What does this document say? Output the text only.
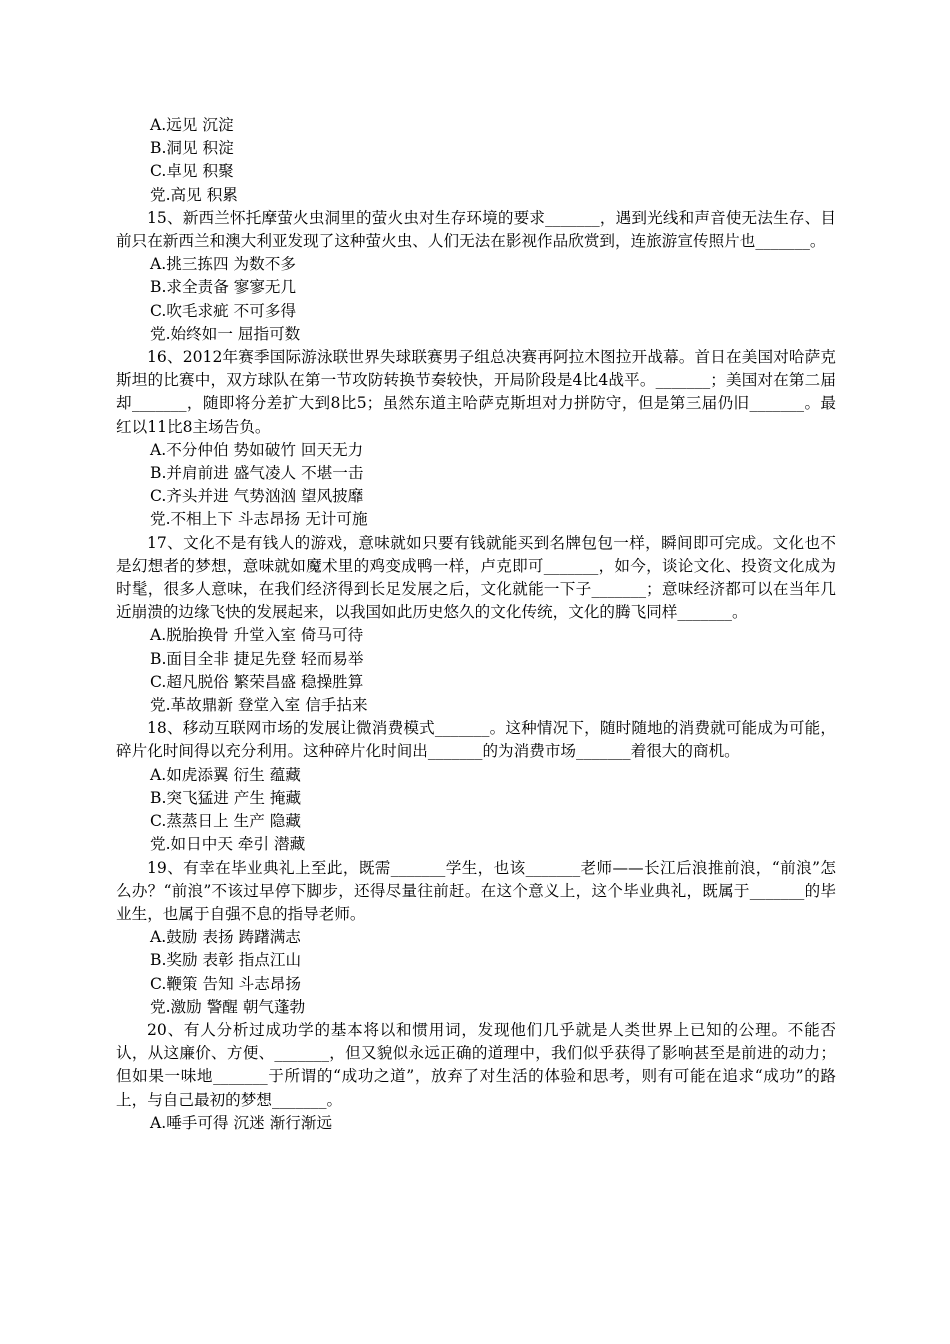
A.远见 沉淀

B.洞见 积淀

C.卓见 积聚

党.高见 积累

15、新西兰怀托摩萤火虫洞里的萤火虫对生存环境的要求_______，遇到光线和声音使无法生存、目前只在新西兰和澳大利亚发现了这种萤火虫、人们无法在影视作品欣赏到，连旅游宣传照片也_______。

A.挑三拣四 为数不多

B.求全责备 寥寥无几

C.吹毛求疵 不可多得

党.始终如一 屈指可数

16、2012年赛季国际游泳联世界失球联赛男子组总决赛再阿拉木图拉开战幕。首日在美国对哈萨克斯坦的比赛中，双方球队在第一节攻防转换节奏较快，开局阶段是4比4战平。_______；美国对在第二届却_______，随即将分差扩大到8比5；虽然东道主哈萨克斯坦对力拼防守，但是第三届仍旧_______。最红以11比8主场告负。

A.不分仲伯 势如破竹 回天无力

B.并肩前进 盛气凌人 不堪一击

C.齐头并进 气势汹汹 望风披靡

党.不相上下 斗志昂扬 无计可施

17、文化不是有钱人的游戏，意味就如只要有钱就能买到名牌包包一样，瞬间即可完成。文化也不是幻想者的梦想，意味就如魔术里的鸡变成鸭一样，卢克即可_______，如今，谈论文化、投资文化成为时髦，很多人意味，在我们经济得到长足发展之后，文化就能一下子_______；意味经济都可以在当年几近崩溃的边缘飞快的发展起来，以我国如此历史悠久的文化传统，文化的腾飞同样_______。

A.脱胎换骨 升堂入室 倚马可待

B.面目全非 捷足先登 轻而易举

C.超凡脱俗 繁荣昌盛 稳操胜算

党.革故鼎新 登堂入室 信手拈来

18、移动互联网市场的发展让微消费模式_______。这种情况下，随时随地的消费就可能成为可能，碎片化时间得以充分利用。这种碎片化时间出_______的为消费市场_______着很大的商机。

A.如虎添翼 衍生 蕴藏

B.突飞猛进 产生 掩藏

C.蒸蒸日上 生产 隐藏

党.如日中天 牵引 潜藏

19、有幸在毕业典礼上至此，既需_______学生，也该_______老师——长江后浪推前浪，“前浪”怎么办？“前浪”不该过早停下脚步，还得尽量往前赶。在这个意义上，这个毕业典礼，既属于_______的毕业生，也属于自强不息的指导老师。

A.鼓励 表扬 踌躇满志

B.奖励 表彰 指点江山

C.鞭策 告知 斗志昂扬

党.激励 警醒 朝气蓬勃

20、有人分析过成功学的基本将以和惯用词，发现他们几乎就是人类世界上已知的公理。不能否认，从这廉价、方便、_______，但又貌似永远正确的道理中，我们似乎获得了影响甚至是前进的动力；但如果一味地_______于所谓的“成功之道”，放弃了对生活的体验和思考，则有可能在追求“成功”的路上，与自己最初的梦想_______。

A.唾手可得 沉迷 渐行渐远
